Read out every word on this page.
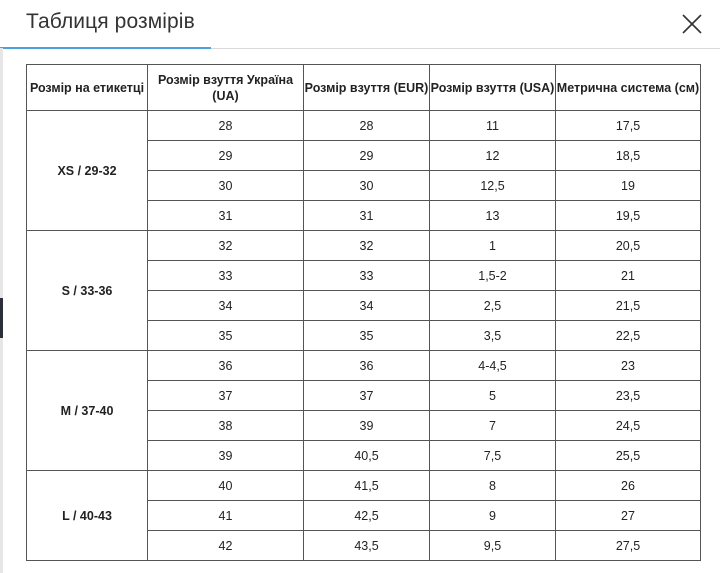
Таблиця розмірів
Розмір на етикетці	Розмір взуття Україна (UA)	Розмір взуття (EUR)	Розмір взуття (USA)	Метрична система (см)
XS / 29-32	28	28	11	17,5
	29	29	12	18,5
	30	30	12,5	19
	31	31	13	19,5
S / 33-36	32	32	1	20,5
	33	33	1,5-2	21
	34	34	2,5	21,5
	35	35	3,5	22,5
M / 37-40	36	36	4-4,5	23
	37	37	5	23,5
	38	39	7	24,5
	39	40,5	7,5	25,5
L / 40-43	40	41,5	8	26
	41	42,5	9	27
	42	43,5	9,5	27,5
